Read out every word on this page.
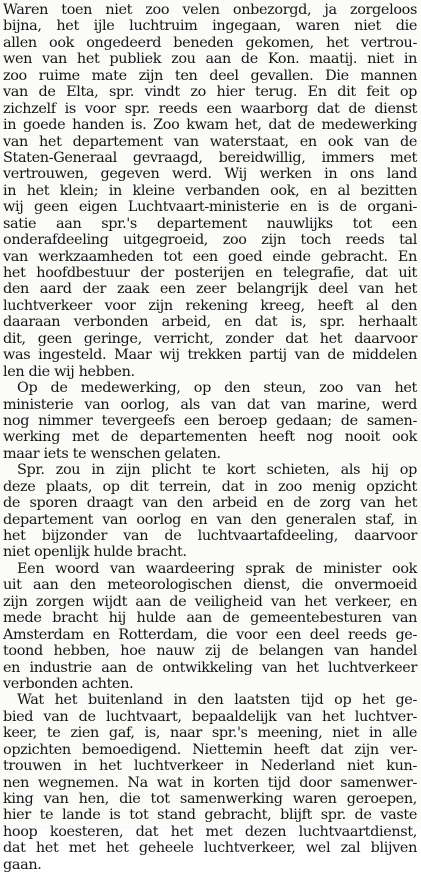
Waren toen niet zoo velen onbezorgd, ja zorgeloos
bijna, het ijle luchtruim ingegaan, waren niet die
allen ook ongedeerd beneden gekomen, het vertrou-
wen van het publiek zou aan de Kon. maatij. niet in
zoo ruime mate zijn ten deel gevallen. Die mannen
van de Elta, spr. vindt zo hier terug. En dit feit op
zichzelf is voor spr. reeds een waarborg dat de dienst
in goede handen is. Zoo kwam het, dat de medewerking
van het departement van waterstaat, en ook van de
Staten-Generaal gevraagd, bereidwillig, immers met
vertrouwen, gegeven werd. Wij werken in ons land
in het klein; in kleine verbanden ook, en al bezitten
wij geen eigen Luchtvaart-ministerie en is de organi-
satie aan spr.'s departement nauwlijks tot een
onderafdeeling uitgegroeid, zoo zijn toch reeds tal
van werkzaamheden tot een goed einde gebracht. En
het hoofdbestuur der posterijen en telegrafie, dat uit
den aard der zaak een zeer belangrijk deel van het
luchtverkeer voor zijn rekening kreeg, heeft al den
daaraan verbonden arbeid, en dat is, spr. herhaalt
dit, geen geringe, verricht, zonder dat het daarvoor
was ingesteld. Maar wij trekken partij van de middelen
len die wij hebben.
Op de medewerking, op den steun, zoo van het
ministerie van oorlog, als van dat van marine, werd
nog nimmer tevergeefs een beroep gedaan; de samen-
werking met de departementen heeft nog nooit ook
maar iets te wenschen gelaten.
Spr. zou in zijn plicht te kort schieten, als hij op
deze plaats, op dit terrein, dat in zoo menig opzicht
de sporen draagt van den arbeid en de zorg van het
departement van oorlog en van den generalen staf, in
het bijzonder van de luchtvaartafdeeling, daarvoor
niet openlijk hulde bracht.
Een woord van waardeering sprak de minister ook
uit aan den meteorologischen dienst, die onvermoeid
zijn zorgen wijdt aan de veiligheid van het verkeer, en
mede bracht hij hulde aan de gemeentebesturen van
Amsterdam en Rotterdam, die voor een deel reeds ge-
toond hebben, hoe nauw zij de belangen van handel
en industrie aan de ontwikkeling van het luchtverkeer
verbonden achten.
Wat het buitenland in den laatsten tijd op het ge-
bied van de luchtvaart, bepaaldelijk van het luchtver-
keer, te zien gaf, is, naar spr.'s meening, niet in alle
opzichten bemoedigend. Niettemin heeft dat zijn ver-
trouwen in het luchtverkeer in Nederland niet kun-
nen wegnemen. Na wat in korten tijd door samenwer-
king van hen, die tot samenwerking waren geroepen,
hier te lande is tot stand gebracht, blijft spr. de vaste
hoop koesteren, dat het met dezen luchtvaartdienst,
dat het met het geheele luchtverkeer, wel zal blijven
gaan.
